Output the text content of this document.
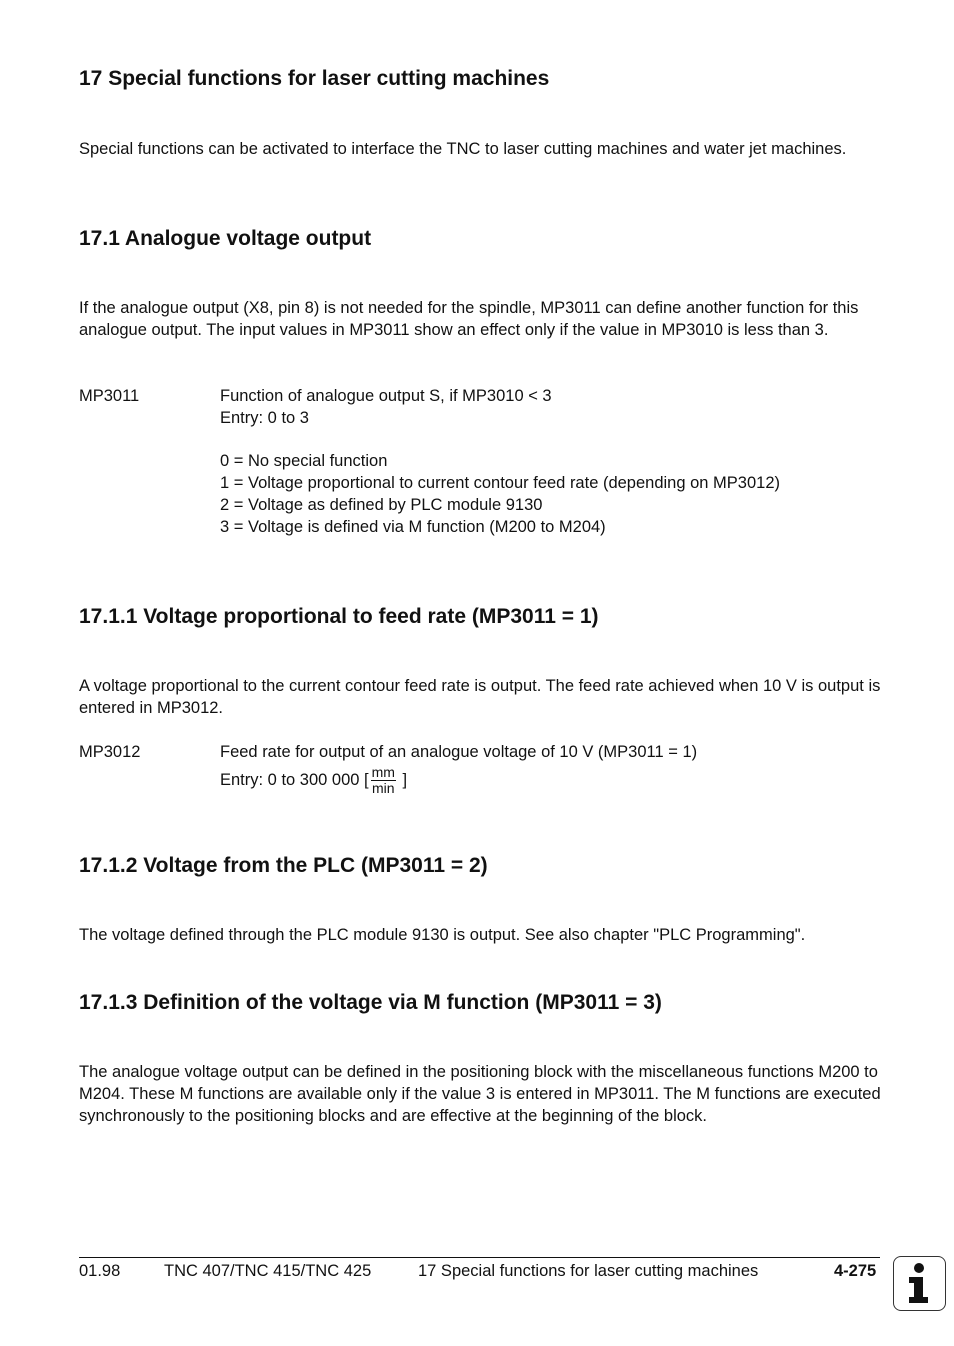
17 Special functions for laser cutting machines

Special functions can be activated to interface the TNC to laser cutting machines and water jet machines.

17.1 Analogue voltage output

If the analogue output (X8, pin 8) is not needed for the spindle, MP3011 can define another function for this analogue output. The input values in MP3011 show an effect only if the value in MP3010 is less than 3.

MP3011	Function of analogue output S, if MP3010 < 3
Entry: 0 to 3
0 = No special function
1 = Voltage proportional to current contour feed rate (depending on MP3012)
2 = Voltage as defined by PLC module 9130
3 = Voltage is defined via M function (M200 to M204)
17.1.1 Voltage proportional to feed rate (MP3011 = 1)

A voltage proportional to the current contour feed rate is output. The feed rate achieved when 10 V is output is entered in MP3012.

MP3012	Feed rate for output of an analogue voltage of 10 V (MP3011 = 1)
Entry: 0 to 300 000 [ $\frac{mm}{\min}$ ]
17.1.2 Voltage from the PLC (MP3011 = 2)

The voltage defined through the PLC module 9130 is output. See also chapter "PLC Programming".

17.1.3 Definition of the voltage via M function (MP3011 = 3)

The analogue voltage output can be defined in the positioning block with the miscellaneous functions M200 to M204. These M functions are available only if the value 3 is entered in MP3011. The M functions are executed synchronously to the positioning blocks and are effective at the beginning of the block.

01.98	TNC 407/TNC 415/TNC 425	17 Special functions for laser cutting machines	4-275
